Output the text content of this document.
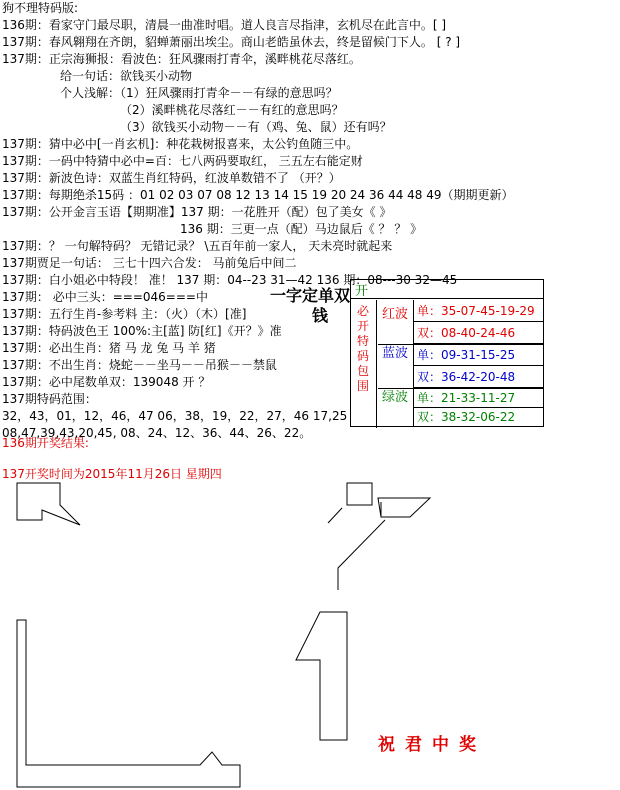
狗不理特码版:
136期：看家守门最尽职，清晨一曲准时唱。道人良言尽指津，玄机尽在此言中。[ ]
137期：春风翱翔在齐朗，貂蝉萧丽出埃尘。商山老皓虽休去，终是留候门下人。 [ ? ]
137期：正宗海狮报：看波色：狂风骤雨打青伞，溪畔桃花尽落红。
给一句话：欲钱买小动物
个人浅解：（1）狂风骤雨打青伞－－有绿的意思吗？
（2）溪畔桃花尽落红－－有红的意思吗？
（3）欲钱买小动物－－有（鸡、兔、鼠）还有吗？
137期：猜中必中[一肖玄机]：种花栽树报喜来，太公钓鱼随三中。
137期：一码中特猜中必中=百：七八两码要取红， 三五左右能定财
137期：新波色诗：双蓝生肖红特码，红波单数错不了 （开？）
137期：每期绝杀15码 ：01 02 03 07 08 12 13 14 15 19 20 24 36 44 48 49（期期更新）
137期：公开金言玉语【期期准】137 期：一花胜开（配）包了美女《 》
136 期：三更一点（配）马边鼠后《 ？ ？ 》
137期：？ 一句解特码？ 无错记录？ \五百年前一家人， 天未亮时就起来
137期贾足一句话： 三七十四六合发： 马前兔后中间二
137期：白小姐必中特段！ 准！ 137 期：04--23 31—42 136 期：08---30 32—45
137期： 必中三头：===046===中
137期：五行生肖-参考料 主：（火）（木）[准]
137期：特码波色王 100%:主[蓝] 防[红]《开？》准
137期：必出生肖：猪 马 龙 兔 马 羊 猪
137期：不出生肖：烧蛇－－坐马－－吊猴－－禁鼠
137期：必中尾数单双：139048 开 ？
137期特码范围：
32，43，01，12，46，47 06，38，19，22，27，46 17,25
08,47,39,43,20,45, 08、24、12、36、44、26、22。
一字定单双
钱
开
必开特码包围
红波 单：35-07-45-19-29
双：08-40-24-46
蓝波 单：09-31-15-25
双：36-42-20-48
绿波 单：21-33-11-27
双：38-32-06-22
136期开奖结果:
137开奖时间为2015年11月26日 星期四
祝君中奖
